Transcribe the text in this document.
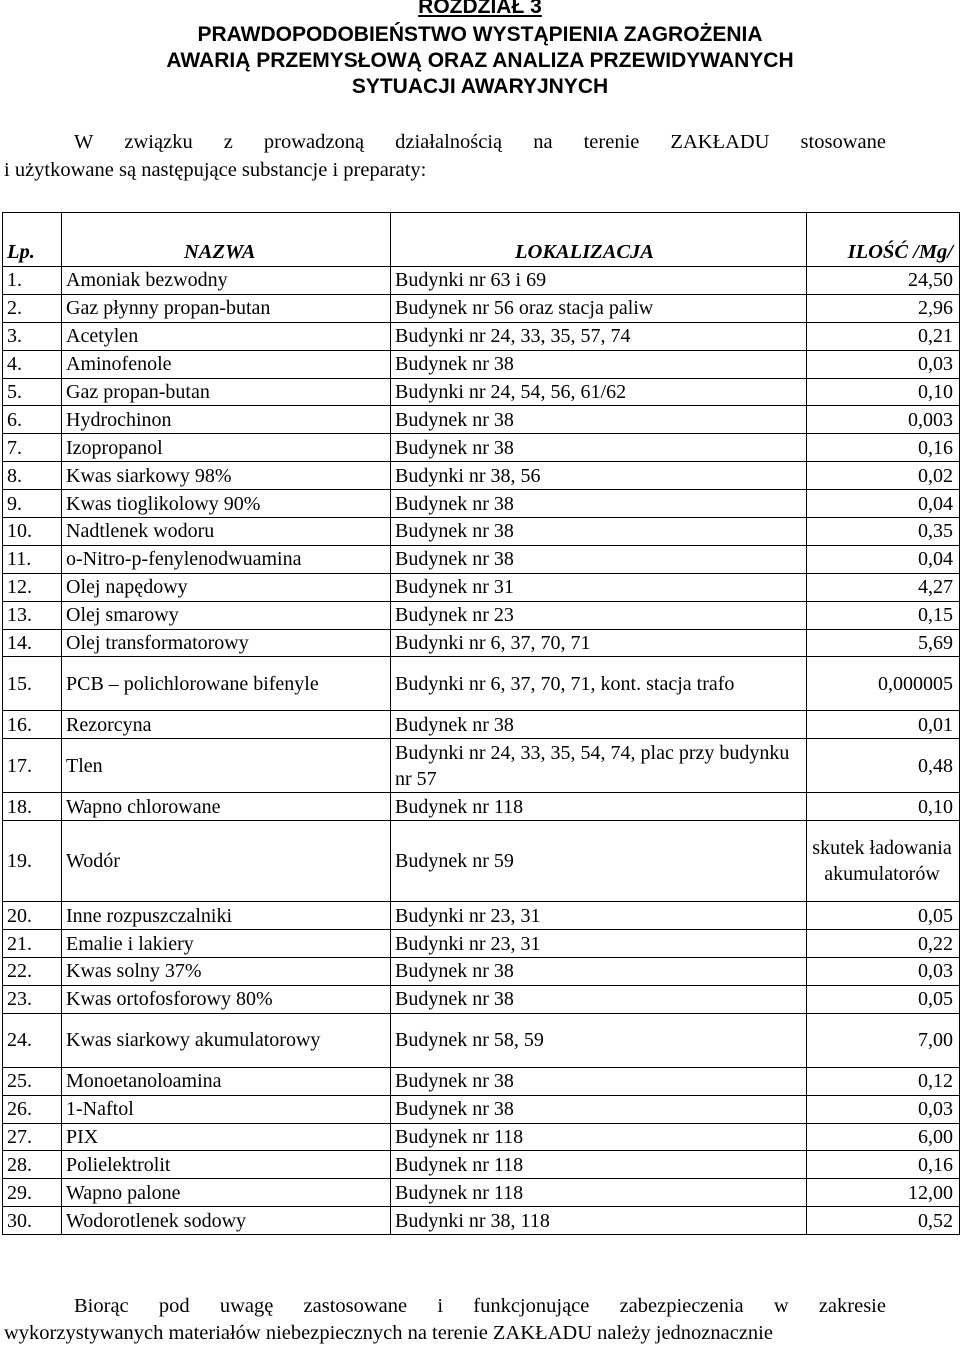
ROZDZIAŁ 3

PRAWDOPODOBIEŃSTWO WYSTĄPIENIA ZAGROŻENIA

AWARIĄ PRZEMYSŁOWĄ ORAZ ANALIZA PRZEWIDYWANYCH

SYTUACJI AWARYJNYCH

W związku z prowadzoną działalnością na terenie ZAKŁADU stosowane
i użytkowane są następujące substancje i preparaty:
Lp.	NAZWA	LOKALIZACJA	ILOŚĆ /Mg/
1.	Amoniak bezwodny	Budynki nr 63 i 69	24,50
2.	Gaz płynny propan-butan	Budynek nr 56 oraz stacja paliw	2,96
3.	Acetylen	Budynki nr 24, 33, 35, 57, 74	0,21
4.	Aminofenole	Budynek nr 38	0,03
5.	Gaz propan-butan	Budynki nr 24, 54, 56, 61/62	0,10
6.	Hydrochinon	Budynek nr 38	0,003
7.	Izopropanol	Budynek nr 38	0,16
8.	Kwas siarkowy 98%	Budynki nr 38, 56	0,02
9.	Kwas tioglikolowy 90%	Budynek nr 38	0,04
10.	Nadtlenek wodoru	Budynek nr 38	0,35
11.	o-Nitro-p-fenylenodwuamina	Budynek nr 38	0,04
12.	Olej napędowy	Budynek nr 31	4,27
13.	Olej smarowy	Budynek nr 23	0,15
14.	Olej transformatorowy	Budynki nr 6, 37, 70, 71	5,69
15.	PCB – polichlorowane bifenyle	Budynki nr 6, 37, 70, 71, kont. stacja trafo	0,000005
16.	Rezorcyna	Budynek nr 38	0,01
17.	Tlen	Budynki nr 24, 33, 35, 54, 74, plac przy budynku nr 57	0,48
18.	Wapno chlorowane	Budynek nr 118	0,10
19.	Wodór	Budynek nr 59	skutek ładowania akumulatorów
20.	Inne rozpuszczalniki	Budynki nr 23, 31	0,05
21.	Emalie i lakiery	Budynki nr 23, 31	0,22
22.	Kwas solny 37%	Budynek nr 38	0,03
23.	Kwas ortofosforowy 80%	Budynek nr 38	0,05
24.	Kwas siarkowy akumulatorowy	Budynek nr 58, 59	7,00
25.	Monoetanoloamina	Budynek nr 38	0,12
26.	1-Naftol	Budynek nr 38	0,03
27.	PIX	Budynek nr 118	6,00
28.	Polielektrolit	Budynek nr 118	0,16
29.	Wapno palone	Budynek nr 118	12,00
30.	Wodorotlenek sodowy	Budynki nr 38, 118	0,52
Biorąc pod uwagę zastosowane i funkcjonujące zabezpieczenia w zakresie
wykorzystywanych materiałów niebezpiecznych na terenie ZAKŁADU należy jednoznacznie
